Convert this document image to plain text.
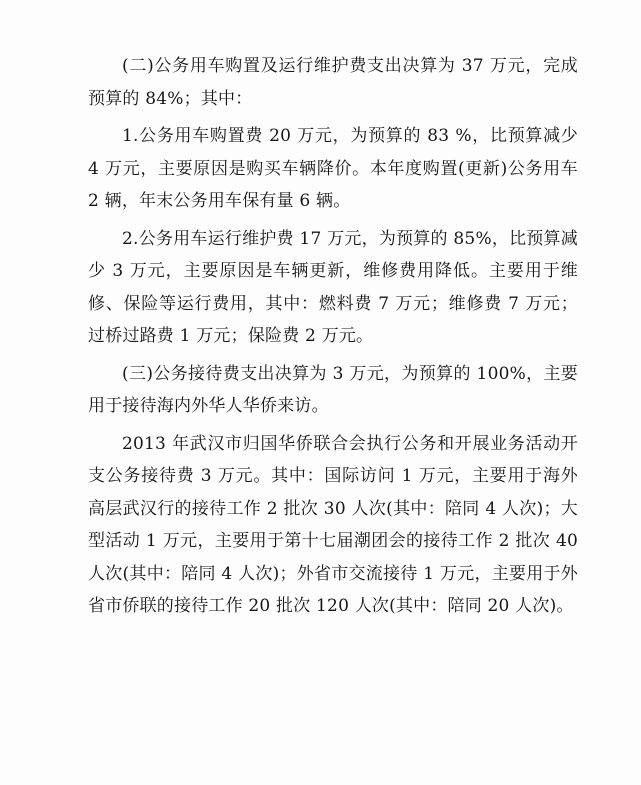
(二)公务用车购置及运行维护费支出决算为 37 万元，完成预算的 84%；其中：

1.公务用车购置费 20 万元，为预算的 83 %，比预算减少 4 万元，主要原因是购买车辆降价。本年度购置(更新)公务用车 2 辆，年末公务用车保有量 6 辆。

2.公务用车运行维护费 17 万元，为预算的 85%，比预算减少 3 万元，主要原因是车辆更新，维修费用降低。主要用于维修、保险等运行费用，其中：燃料费 7 万元；维修费 7 万元；过桥过路费 1 万元；保险费 2 万元。

(三)公务接待费支出决算为 3 万元，为预算的 100%，主要用于接待海内外华人华侨来访。

2013 年武汉市归国华侨联合会执行公务和开展业务活动开支公务接待费 3 万元。其中：国际访问 1 万元，主要用于海外高层武汉行的接待工作 2 批次 30 人次(其中：陪同 4 人次)；大型活动 1 万元，主要用于第十七届潮团会的接待工作 2 批次 40 人次(其中：陪同 4 人次)；外省市交流接待 1 万元，主要用于外省市侨联的接待工作 20 批次 120 人次(其中：陪同 20 人次)。
